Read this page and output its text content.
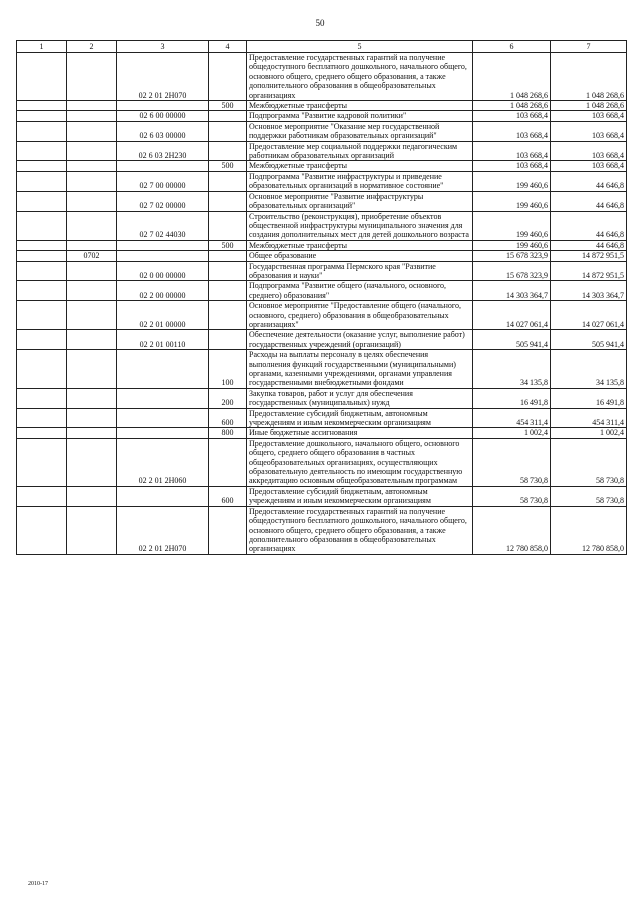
50
1	2	3	4	5	6	7
		02 2 01 2Н070		Предоставление государственных гарантий на получение общедоступного бесплатного дошкольного, начального общего, основного общего, среднего общего образования, а также дополнительного образования в общеобразовательных организациях	1 048 268,6	1 048 268,6
			500	Межбюджетные трансферты	1 048 268,6	1 048 268,6
		02 6 00 00000		Подпрограмма "Развитие кадровой политики"	103 668,4	103 668,4
		02 6 03 00000		Основное мероприятие "Оказание мер государственной поддержки работникам образовательных организаций"	103 668,4	103 668,4
		02 6 03 2Н230		Предоставление мер социальной поддержки педагогическим работникам образовательных организаций	103 668,4	103 668,4
			500	Межбюджетные трансферты	103 668,4	103 668,4
		02 7 00 00000		Подпрограмма "Развитие инфраструктуры и приведение образовательных организаций в нормативное состояние"	199 460,6	44 646,8
		02 7 02 00000		Основное мероприятие "Развитие инфраструктуры образовательных организаций"	199 460,6	44 646,8
		02 7 02 44030		Строительство (реконструкция), приобретение объектов общественной инфраструктуры муниципального значения для создания дополнительных мест для детей дошкольного возраста	199 460,6	44 646,8
			500	Межбюджетные трансферты	199 460,6	44 646,8
	0702			Общее образование	15 678 323,9	14 872 951,5
		02 0 00 00000		Государственная программа Пермского края "Развитие образования и науки"	15 678 323,9	14 872 951,5
		02 2 00 00000		Подпрограмма "Развитие общего (начального, основного, среднего) образования"	14 303 364,7	14 303 364,7
		02 2 01 00000		Основное мероприятие "Предоставление общего (начального, основного, среднего) образования в общеобразовательных организациях"	14 027 061,4	14 027 061,4
		02 2 01 00110		Обеспечение деятельности (оказание услуг, выполнение работ) государственных учреждений (организаций)	505 941,4	505 941,4
			100	Расходы на выплаты персоналу в целях обеспечения выполнения функций государственными (муниципальными) органами, казенными учреждениями, органами управления государственными внебюджетными фондами	34 135,8	34 135,8
			200	Закупка товаров, работ и услуг для обеспечения государственных (муниципальных) нужд	16 491,8	16 491,8
			600	Предоставление субсидий бюджетным, автономным учреждениям и иным некоммерческим организациям	454 311,4	454 311,4
			800	Иные бюджетные ассигнования	1 002,4	1 002,4
		02 2 01 2Н060		Предоставление дошкольного, начального общего, основного общего, среднего общего образования в частных общеобразовательных организациях, осуществляющих образовательную деятельность по имеющим государственную аккредитацию основным общеобразовательным программам	58 730,8	58 730,8
			600	Предоставление субсидий бюджетным, автономным учреждениям и иным некоммерческим организациям	58 730,8	58 730,8
		02 2 01 2Н070		Предоставление государственных гарантий на получение общедоступного бесплатного дошкольного, начального общего, основного общего, среднего общего образования, а также дополнительного образования в общеобразовательных организациях	12 780 858,0	12 780 858,0
2010-17
